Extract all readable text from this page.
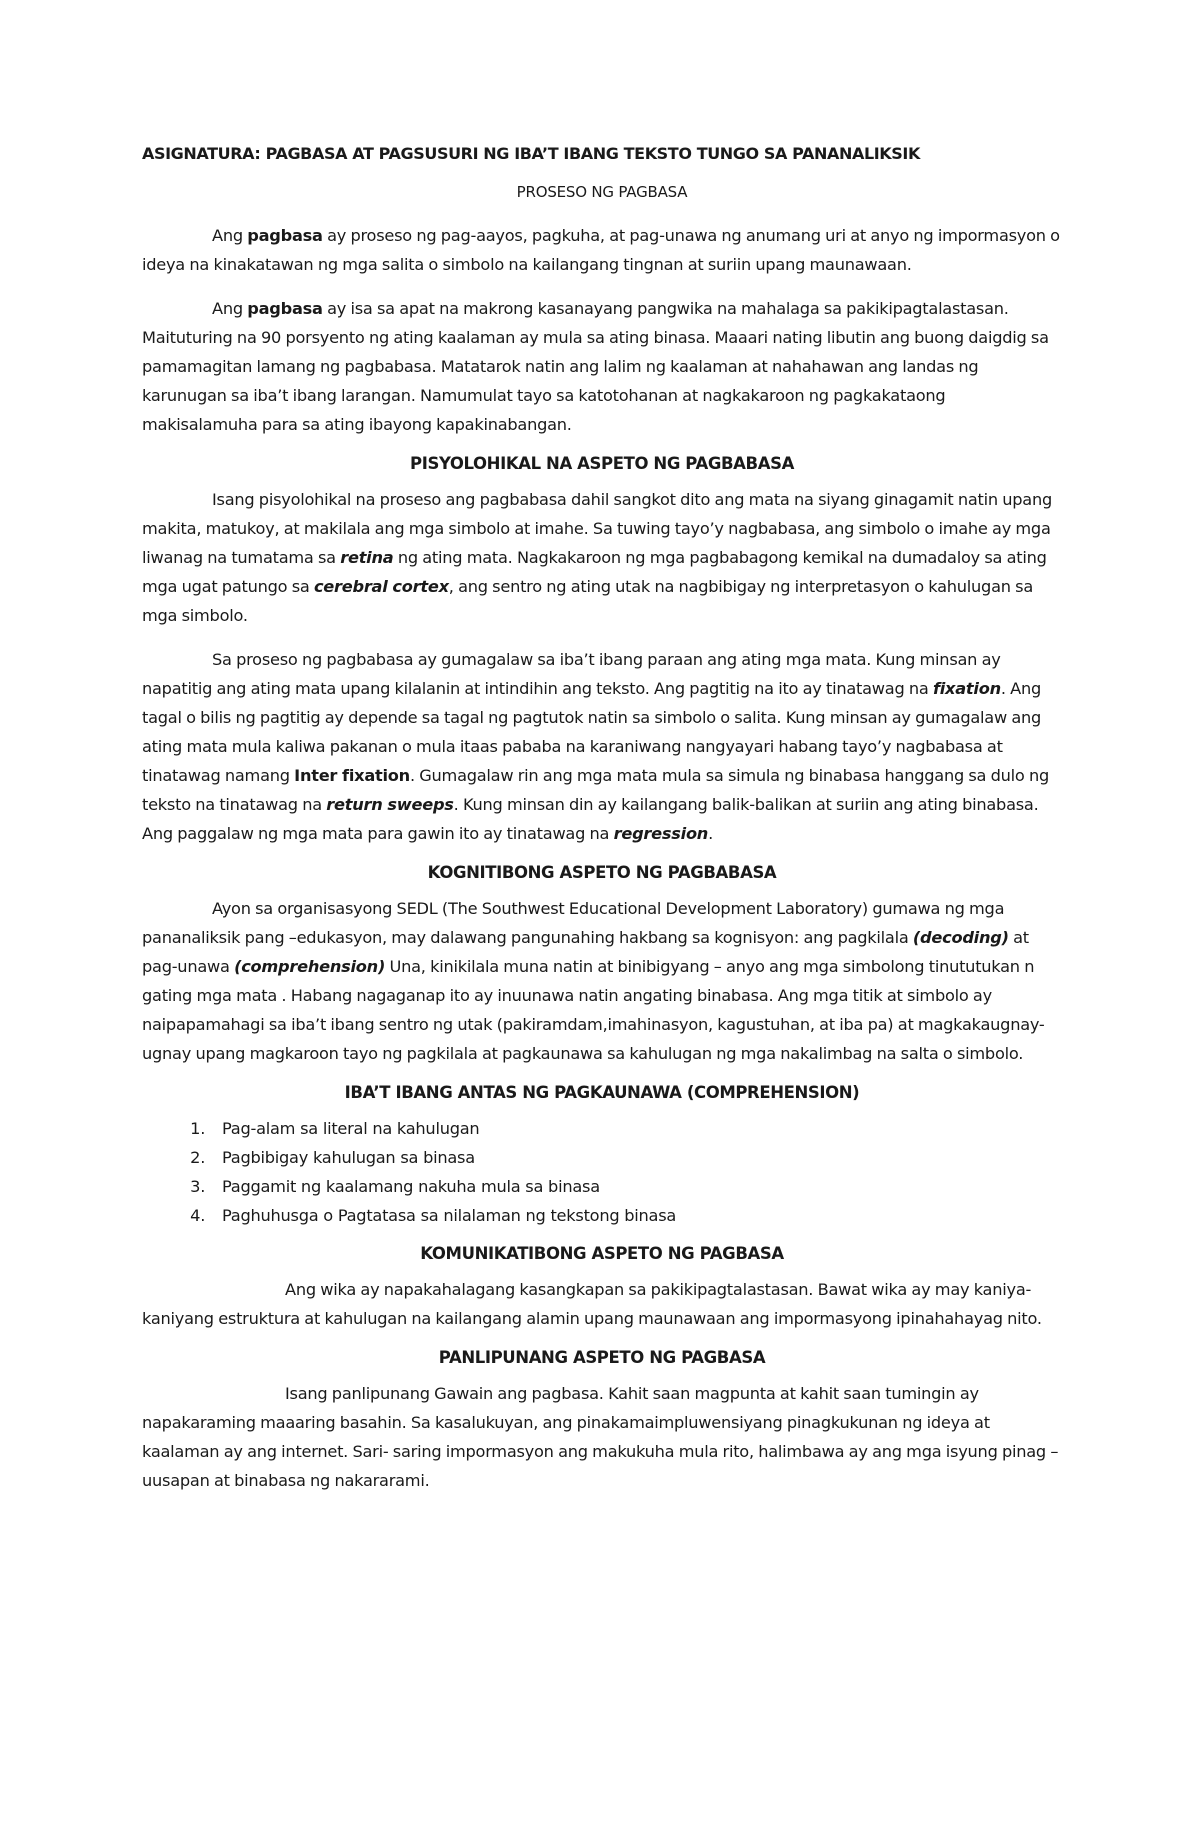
ASIGNATURA: PAGBASA AT PAGSUSURI NG IBA’T IBANG TEKSTO TUNGO SA PANANALIKSIK
PROSESO NG PAGBASA

Ang pagbasa ay proseso ng pag-aayos, pagkuha, at pag-unawa ng anumang uri at anyo ng impormasyon o ideya na kinakatawan ng mga salita o simbolo na kailangang tingnan at suriin upang maunawaan.

Ang pagbasa ay isa sa apat na makrong kasanayang pangwika na mahalaga sa pakikipagtalastasan. Maituturing na 90 porsyento ng ating kaalaman ay mula sa ating binasa. Maaari nating libutin ang buong daigdig sa pamamagitan lamang ng pagbabasa. Matatarok natin ang lalim ng kaalaman at nahahawan ang landas ng karunugan sa iba’t ibang larangan. Namumulat tayo sa katotohanan at nagkakaroon ng pagkakataong makisalamuha para sa ating ibayong kapakinabangan.

PISYOLOHIKAL NA ASPETO NG PAGBABASA

Isang pisyolohikal na proseso ang pagbabasa dahil sangkot dito ang mata na siyang ginagamit natin upang makita, matukoy, at makilala ang mga simbolo at imahe. Sa tuwing tayo’y nagbabasa, ang simbolo o imahe ay mga liwanag na tumatama sa retina ng ating mata. Nagkakaroon ng mga pagbabagong kemikal na dumadaloy sa ating mga ugat patungo sa cerebral cortex, ang sentro ng ating utak na nagbibigay ng interpretasyon o kahulugan sa mga simbolo.

Sa proseso ng pagbabasa ay gumagalaw sa iba’t ibang paraan ang ating mga mata. Kung minsan ay napatitig ang ating mata upang kilalanin at intindihin ang teksto. Ang pagtitig na ito ay tinatawag na fixation. Ang tagal o bilis ng pagtitig ay depende sa tagal ng pagtutok natin sa simbolo o salita. Kung minsan ay gumagalaw ang ating mata mula kaliwa pakanan o mula itaas pababa na karaniwang nangyayari habang tayo’y nagbabasa at tinatawag namang Inter fixation. Gumagalaw rin ang mga mata mula sa simula ng binabasa hanggang sa dulo ng teksto na tinatawag na return sweeps. Kung minsan din ay kailangang balik-balikan at suriin ang ating binabasa. Ang paggalaw ng mga mata para gawin ito ay tinatawag na regression.

KOGNITIBONG ASPETO NG PAGBABASA

Ayon sa organisasyong SEDL (The Southwest Educational Development Laboratory) gumawa ng mga pananaliksik pang –edukasyon, may dalawang pangunahing hakbang sa kognisyon: ang pagkilala (decoding) at pag-unawa (comprehension) Una, kinikilala muna natin at binibigyang – anyo ang mga simbolong tinututukan n gating mga mata . Habang nagaganap ito ay inuunawa natin angating binabasa. Ang mga titik at simbolo ay naipapamahagi sa iba’t ibang sentro ng utak (pakiramdam,imahinasyon, kagustuhan, at iba pa) at magkakaugnay-ugnay upang magkaroon tayo ng pagkilala at pagkaunawa sa kahulugan ng mga nakalimbag na salta o simbolo.

IBA’T IBANG ANTAS NG PAGKAUNAWA (COMPREHENSION)
1. Pag-alam sa literal na kahulugan
2. Pagbibigay kahulugan sa binasa
3. Paggamit ng kaalamang nakuha mula sa binasa
4. Paghuhusga o Pagtatasa sa nilalaman ng tekstong binasa
KOMUNIKATIBONG ASPETO NG PAGBASA

Ang wika ay napakahalagang kasangkapan sa pakikipagtalastasan. Bawat wika ay may kaniya- kaniyang estruktura at kahulugan na kailangang alamin upang maunawaan ang impormasyong ipinahahayag nito.

PANLIPUNANG ASPETO NG PAGBASA

Isang panlipunang Gawain ang pagbasa. Kahit saan magpunta at kahit saan tumingin ay napakaraming maaaring basahin. Sa kasalukuyan, ang pinakamaimpluwensiyang pinagkukunan ng ideya at kaalaman ay ang internet. Sari- saring impormasyon ang makukuha mula rito, halimbawa ay ang mga isyung pinag –uusapan at binabasa ng nakararami.
